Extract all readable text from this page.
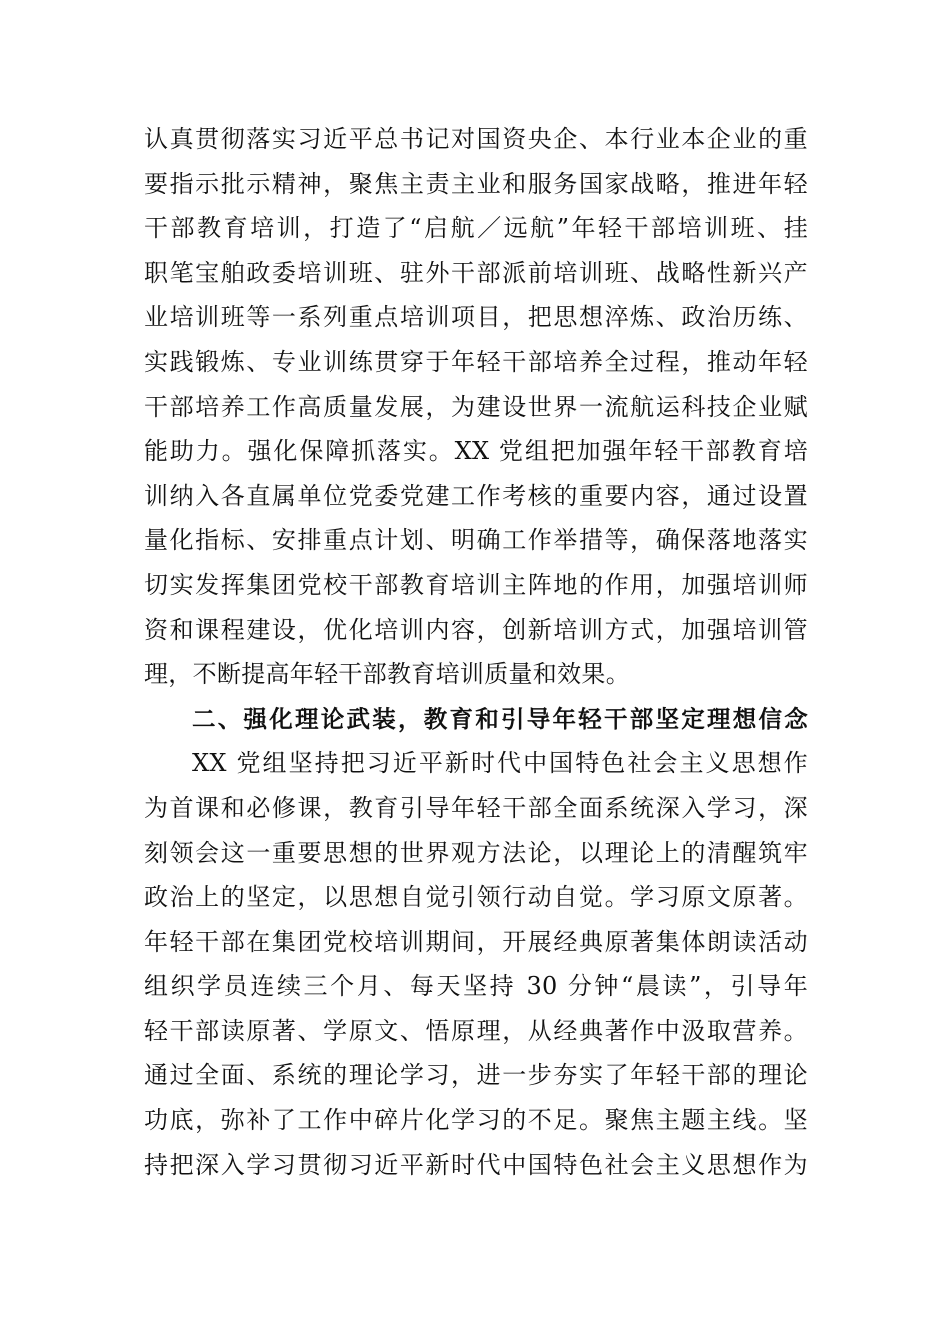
认真贯彻落实习近平总书记对国资央企、本行业本企业的重
要指示批示精神，聚焦主责主业和服务国家战略，推进年轻
干部教育培训，打造了“启航／远航”年轻干部培训班、挂
职笔宝舶政委培训班、驻外干部派前培训班、战略性新兴产
业培训班等一系列重点培训项目，把思想淬炼、政治历练、
实践锻炼、专业训练贯穿于年轻干部培养全过程，推动年轻
干部培养工作高质量发展，为建设世界一流航运科技企业赋
能助力。强化保障抓落实。XX 党组把加强年轻干部教育培
训纳入各直属单位党委党建工作考核的重要内容，通过设置
量化指标、安排重点计划、明确工作举措等，确保落地落实
切实发挥集团党校干部教育培训主阵地的作用，加强培训师
资和课程建设，优化培训内容，创新培训方式，加强培训管
理，不断提高年轻干部教育培训质量和效果。
二、强化理论武装，教育和引导年轻干部坚定理想信念
XX 党组坚持把习近平新时代中国特色社会主义思想作
为首课和必修课，教育引导年轻干部全面系统深入学习，深
刻领会这一重要思想的世界观方法论，以理论上的清醒筑牢
政治上的坚定，以思想自觉引领行动自觉。学习原文原著。
年轻干部在集团党校培训期间，开展经典原著集体朗读活动
组织学员连续三个月、每天坚持 30 分钟“晨读”，引导年
轻干部读原著、学原文、悟原理，从经典著作中汲取营养。
通过全面、系统的理论学习，进一步夯实了年轻干部的理论
功底，弥补了工作中碎片化学习的不足。聚焦主题主线。坚
持把深入学习贯彻习近平新时代中国特色社会主义思想作为
